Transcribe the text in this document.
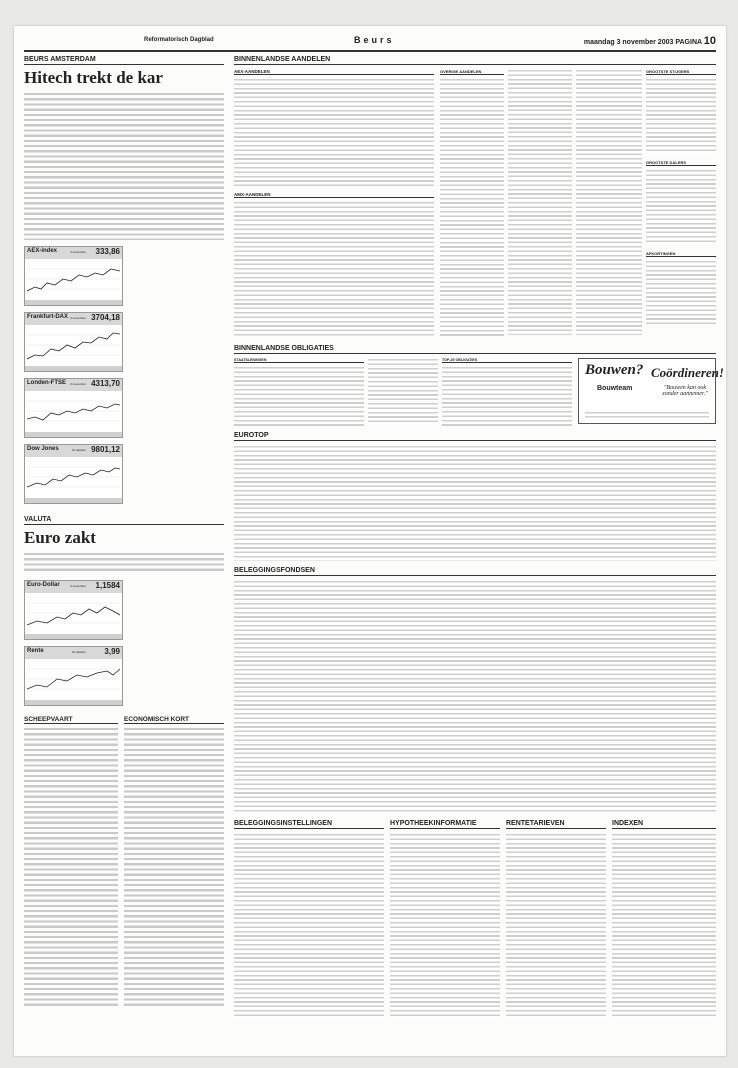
Reformatorisch Dagblad	Beurs	maandag 3 november 2003 PAGINA 10
BEURS AMSTERDAM
Hitech trekt de kar
AEX-index	3 november 333,86
Frankfurt-DAX 3 november 3704,18

Londen-FTSE 3 november 4313,70
Dow Jones	31 oktober 9801,12
VALUTA
Euro zakt
Euro-Dollar	3 november 1,1584
Rente	31 oktober 3,99
SCHEEPVAART	ECONOMISCH KORT
BINNENLANDSE AANDELEN
AEX-AANDELEN
AMX-AANDELEN
OVERIGE AANDELEN	GROOTSTE STIJGERS
GROOTSTE DALERS
AFKORTINGEN
BINNENLANDSE OBLIGATIES
STAATSLENINGEN	TOP-25 OBLIGATIES
Bouwen? Coördineren!
Bouwteam	"Bouwen kan ook zonder aannemer."
EUROTOP
BELEGGINGSFONDSEN
BELEGGINGSINSTELLINGEN	HYPOTHEEKINFORMATIE	RENTETARIEVEN	INDEXEN
